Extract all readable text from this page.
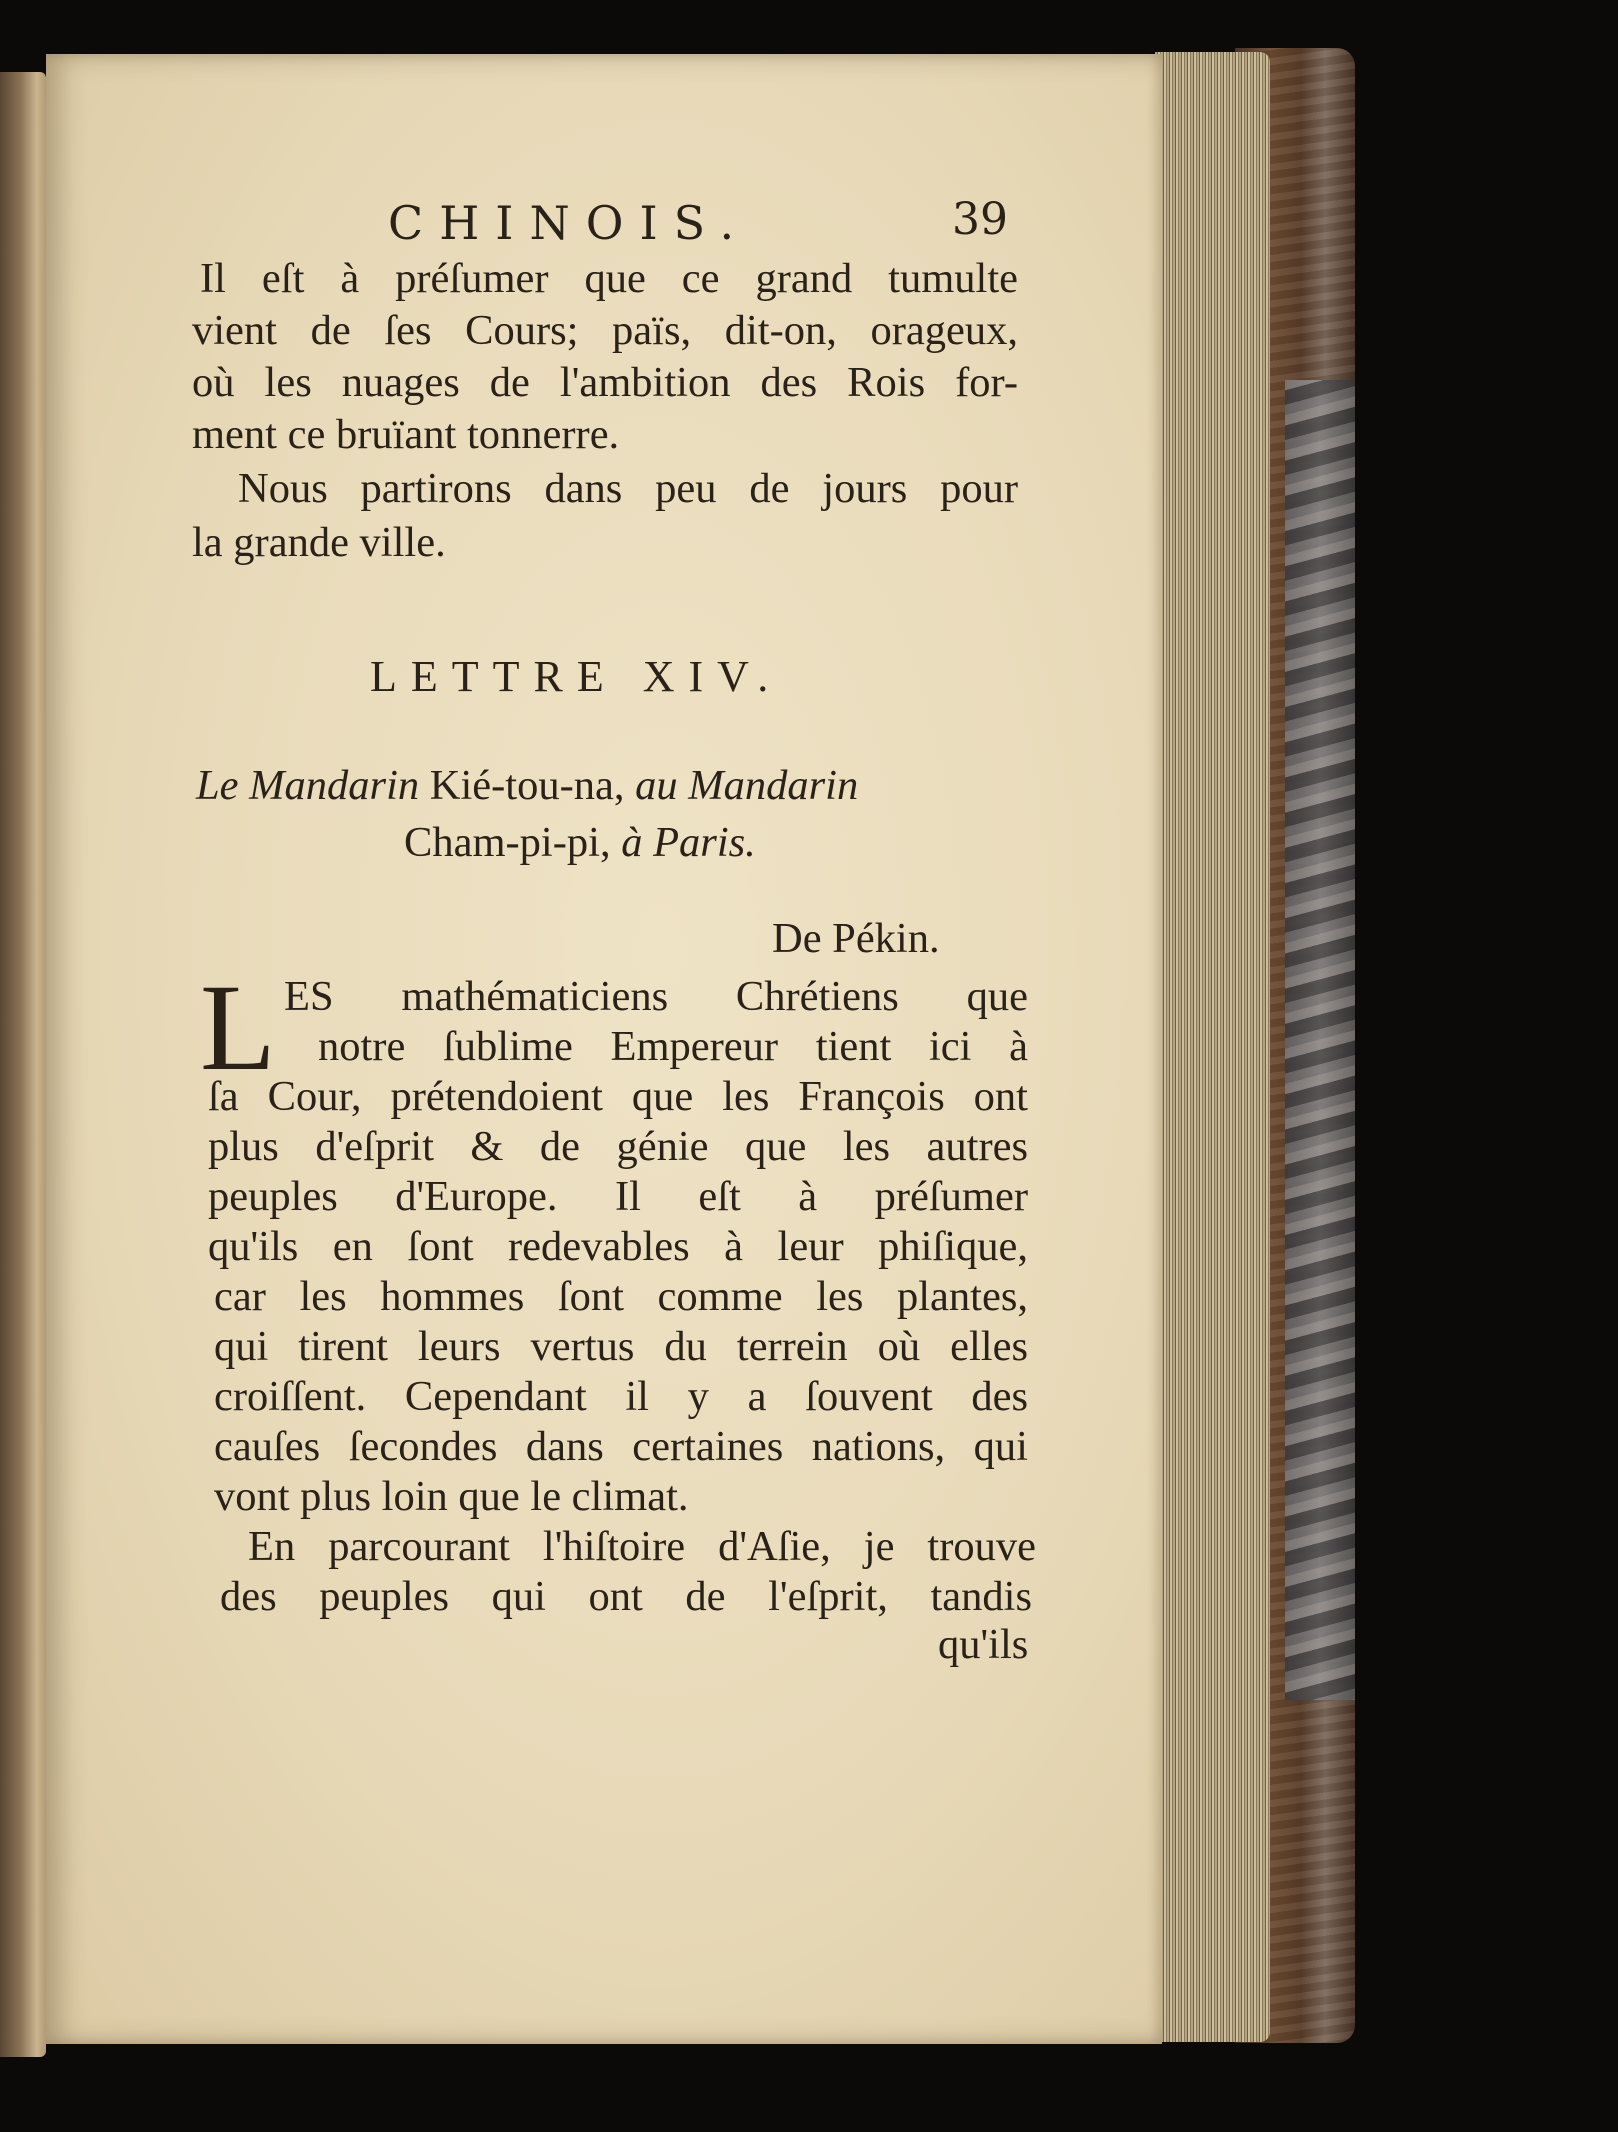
CHINOIS.	39
Il eſt à préſumer que ce grand tumulte
vient de ſes Cours; païs, dit-on, orageux,
où les nuages de l'ambition des Rois for-
ment ce bruïant tonnerre.
Nous partirons dans peu de jours pour
la grande ville.
LETTRE XIV.
Le Mandarin Kié-tou-na, au Mandarin
Cham-pi-pi, à Paris.
De Pékin.
L ES mathématiciens Chrétiens que
notre ſublime Empereur tient ici à
ſa Cour, prétendoient que les François ont
plus d'eſprit & de génie que les autres
peuples d'Europe. Il eſt à préſumer
qu'ils en ſont redevables à leur phiſique,
car les hommes ſont comme les plantes,
qui tirent leurs vertus du terrein où elles
croiſſent. Cependant il y a ſouvent des
cauſes ſecondes dans certaines nations, qui
vont plus loin que le climat.
En parcourant l'hiſtoire d'Aſie, je trouve
des peuples qui ont de l'eſprit, tandis
qu'ils
